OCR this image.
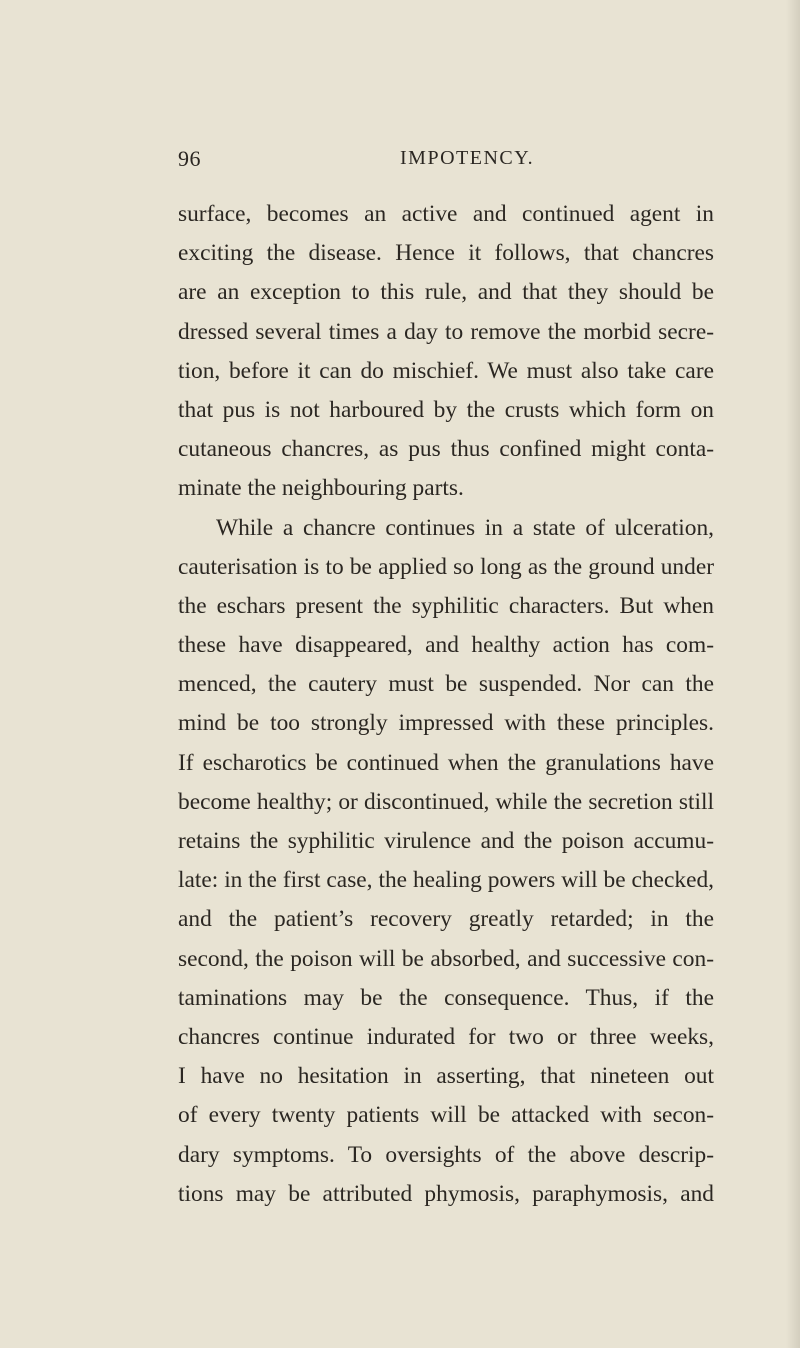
96	IMPOTENCY.
surface, becomes an active and continued agent in
exciting the disease. Hence it follows, that chancres
are an exception to this rule, and that they should be
dressed several times a day to remove the morbid secre-
tion, before it can do mischief. We must also take care
that pus is not harboured by the crusts which form on
cutaneous chancres, as pus thus confined might conta-
minate the neighbouring parts.
While a chancre continues in a state of ulceration,
cauterisation is to be applied so long as the ground under
the eschars present the syphilitic characters. But when
these have disappeared, and healthy action has com-
menced, the cautery must be suspended. Nor can the
mind be too strongly impressed with these principles.
If escharotics be continued when the granulations have
become healthy; or discontinued, while the secretion still
retains the syphilitic virulence and the poison accumu-
late: in the first case, the healing powers will be checked,
and the patient’s recovery greatly retarded; in the
second, the poison will be absorbed, and successive con-
taminations may be the consequence. Thus, if the
chancres continue indurated for two or three weeks,
I have no hesitation in asserting, that nineteen out
of every twenty patients will be attacked with secon-
dary symptoms. To oversights of the above descrip-
tions may be attributed phymosis, paraphymosis, and
